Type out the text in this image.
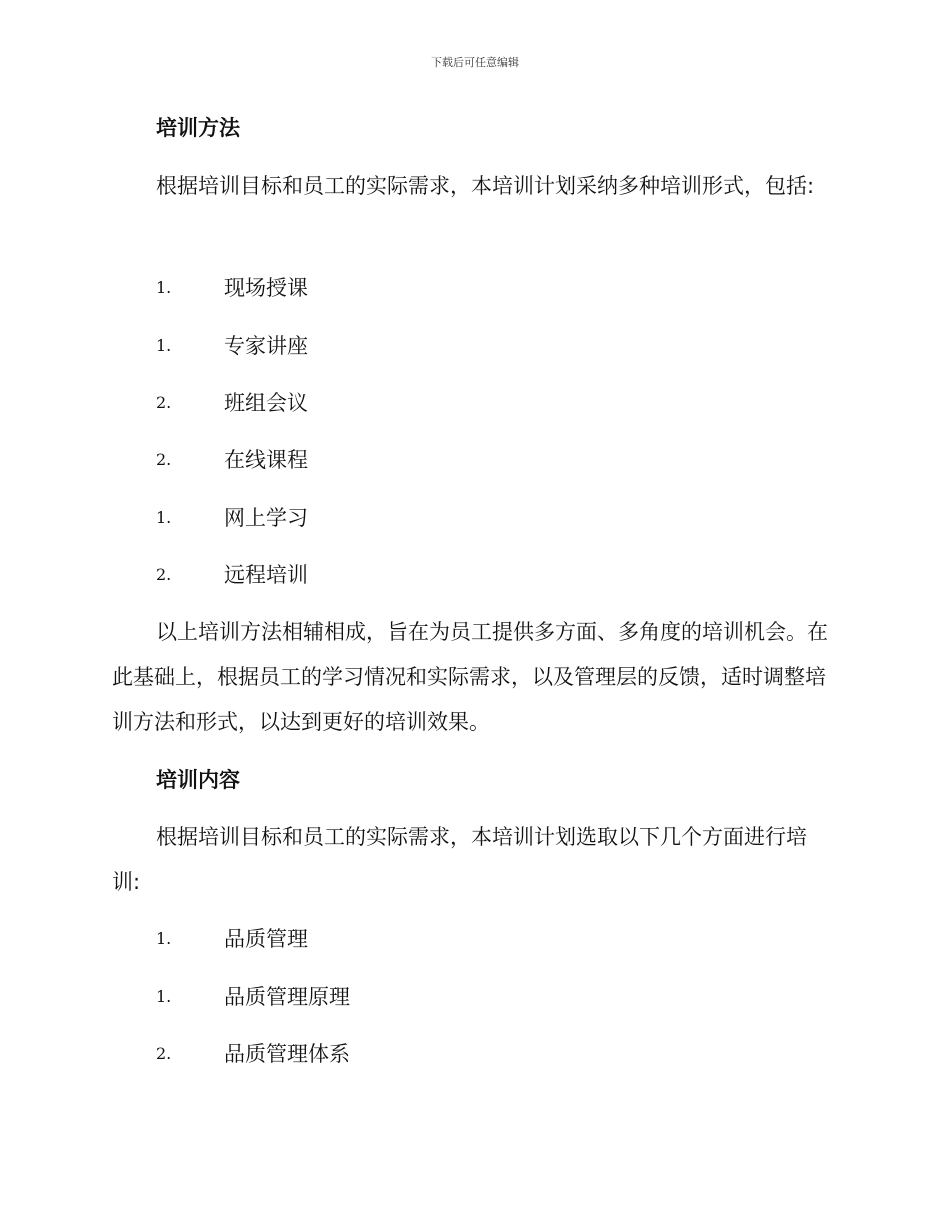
下载后可任意编辑
培训方法
根据培训目标和员工的实际需求，本培训计划采纳多种培训形式，包括:
1.	现场授课
1.	专家讲座
2.	班组会议
2.	在线课程
1.	网上学习
2.	远程培训
以上培训方法相辅相成，旨在为员工提供多方面、多角度的培训机会。在此基础上，根据员工的学习情况和实际需求，以及管理层的反馈，适时调整培训方法和形式，以达到更好的培训效果。
培训内容
根据培训目标和员工的实际需求，本培训计划选取以下几个方面进行培训:
1.	品质管理
1.	品质管理原理
2.	品质管理体系
